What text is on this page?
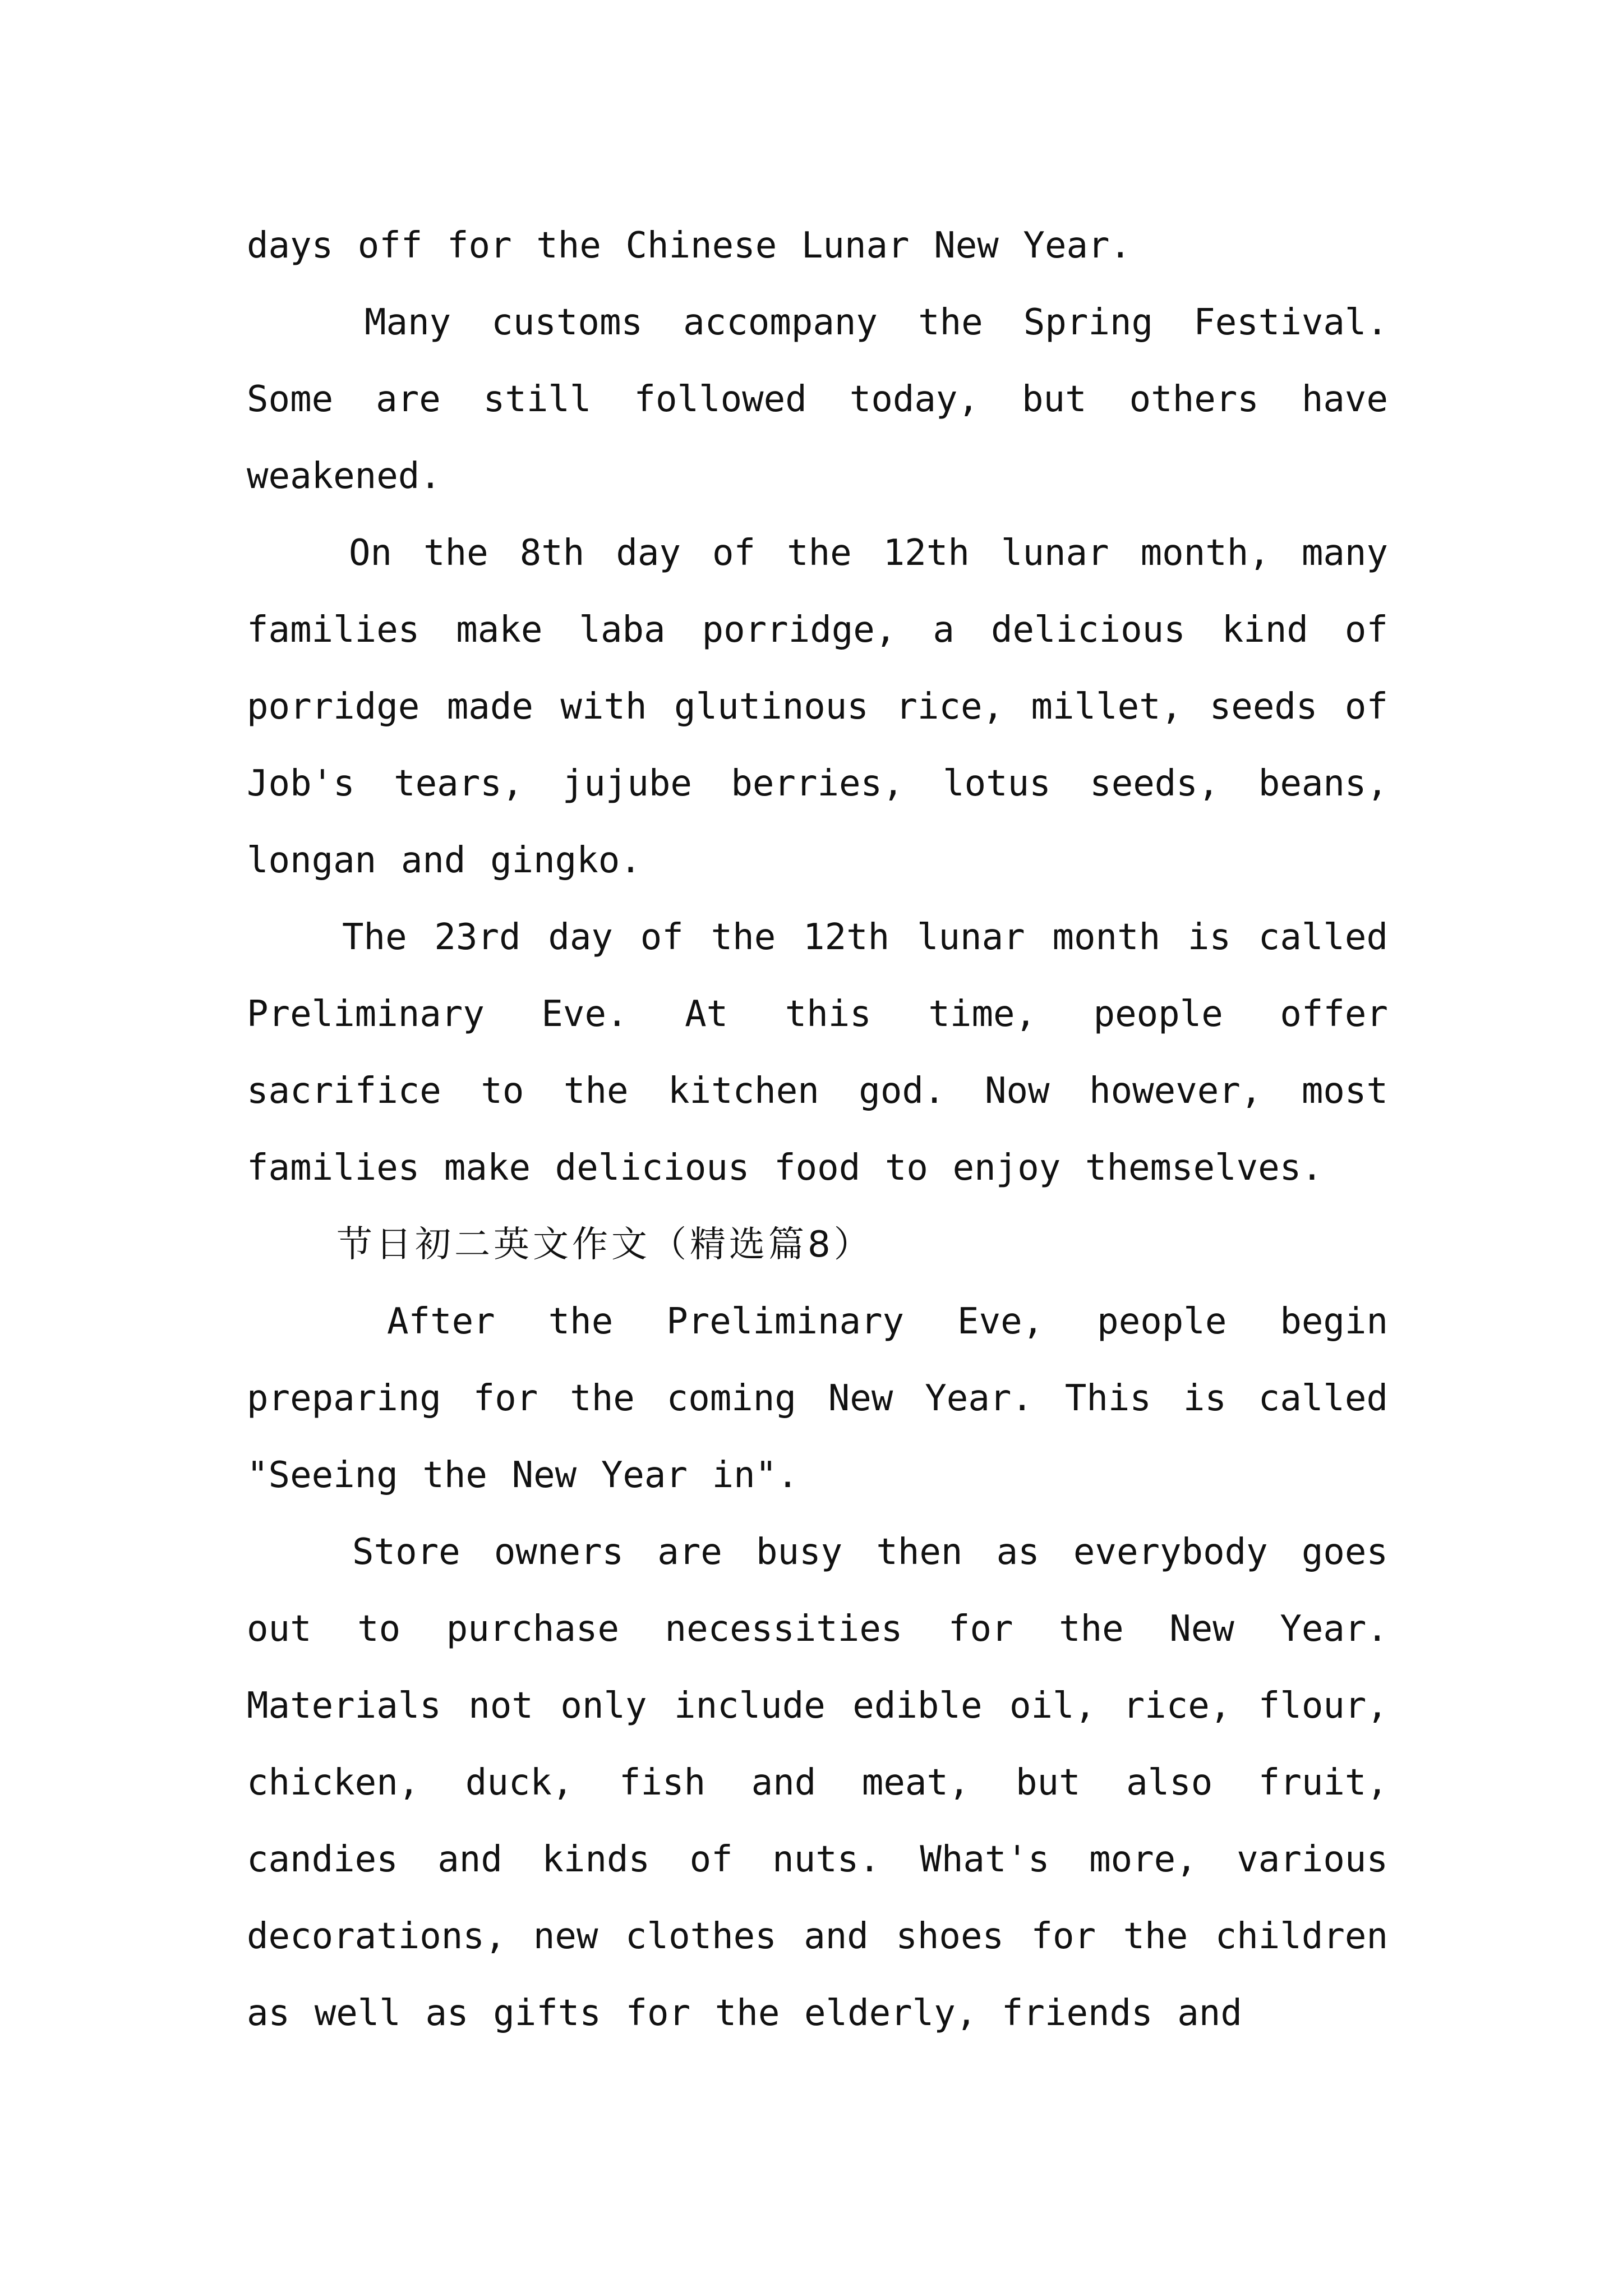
days off for the Chinese Lunar New Year.

Many customs accompany the Spring Festival. Some are still followed today, but others have weakened.

On the 8th day of the 12th lunar month, many families make laba porridge, a delicious kind of porridge made with glutinous rice, millet, seeds of Job's tears, jujube berries, lotus seeds, beans, longan and gingko.

The 23rd day of the 12th lunar month is called Preliminary Eve. At this time, people offer sacrifice to the kitchen god. Now however, most families make delicious food to enjoy themselves.

节日初二英文作文（精选篇8）

After the Preliminary Eve, people begin preparing for the coming New Year. This is called "Seeing the New Year in".

Store owners are busy then as everybody goes out to purchase necessities for the New Year. Materials not only include edible oil, rice, flour, chicken, duck, fish and meat, but also fruit, candies and kinds of nuts. What's more, various decorations, new clothes and shoes for the children as well as gifts for the elderly, friends and
